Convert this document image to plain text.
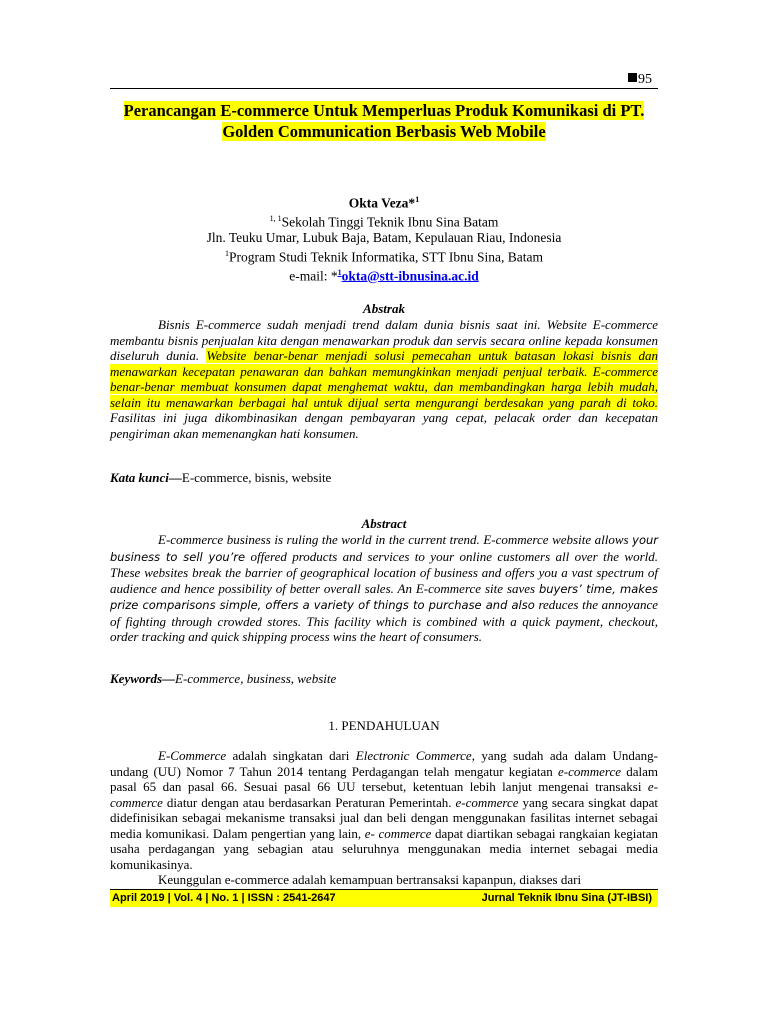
95
Perancangan E-commerce Untuk Memperluas Produk Komunikasi di PT. Golden Communication Berbasis Web Mobile
Okta Veza*$^1$
$^{1, 1}$Sekolah Tinggi Teknik Ibnu Sina Batam
Jln. Teuku Umar, Lubuk Baja, Batam, Kepulauan Riau, Indonesia
$^1$Program Studi Teknik Informatika, STT Ibnu Sina, Batam
e-mail: *$^1$okta@stt-ibnusina.ac.id
Abstrak
Bisnis E-commerce sudah menjadi trend dalam dunia bisnis saat ini. Website E-commerce membantu bisnis penjualan kita dengan menawarkan produk dan servis secara online kepada konsumen diseluruh dunia. Website benar-benar menjadi solusi pemecahan untuk batasan lokasi bisnis dan menawarkan kecepatan penawaran dan bahkan memungkinkan menjadi penjual terbaik. E-commerce benar-benar membuat konsumen dapat menghemat waktu, dan membandingkan harga lebih mudah, selain itu menawarkan berbagai hal untuk dijual serta mengurangi berdesakan yang parah di toko. Fasilitas ini juga dikombinasikan dengan pembayaran yang cepat, pelacak order dan kecepatan pengiriman akan memenangkan hati konsumen.
Kata kunci—E-commerce, bisnis, website
Abstract
E-commerce business is ruling the world in the current trend. E-commerce website allows your business to sell you’re offered products and services to your online customers all over the world. These websites break the barrier of geographical location of business and offers you a vast spectrum of audience and hence possibility of better overall sales. An E-commerce site saves buyers’ time, makes prize comparisons simple, offers a variety of things to purchase and also reduces the annoyance of fighting through crowded stores. This facility which is combined with a quick payment, checkout, order tracking and quick shipping process wins the heart of consumers.
Keywords—E-commerce, business, website
1. PENDAHULUAN
E-Commerce adalah singkatan dari Electronic Commerce, yang sudah ada dalam Undang-undang (UU) Nomor 7 Tahun 2014 tentang Perdagangan telah mengatur kegiatan e-commerce dalam pasal 65 dan pasal 66. Sesuai pasal 66 UU tersebut, ketentuan lebih lanjut mengenai transaksi e-commerce diatur dengan atau berdasarkan Peraturan Pemerintah. e-commerce yang secara singkat dapat didefinisikan sebagai mekanisme transaksi jual dan beli dengan menggunakan fasilitas internet sebagai media komunikasi. Dalam pengertian yang lain, e- commerce dapat diartikan sebagai rangkaian kegiatan usaha perdagangan yang sebagian atau seluruhnya menggunakan media internet sebagai media komunikasinya.
Keunggulan e-commerce adalah kemampuan bertransaksi kapanpun, diakses dari
April 2019 | Vol. 4 | No. 1 | ISSN : 2541-2647	Jurnal Teknik Ibnu Sina (JT-IBSI)
